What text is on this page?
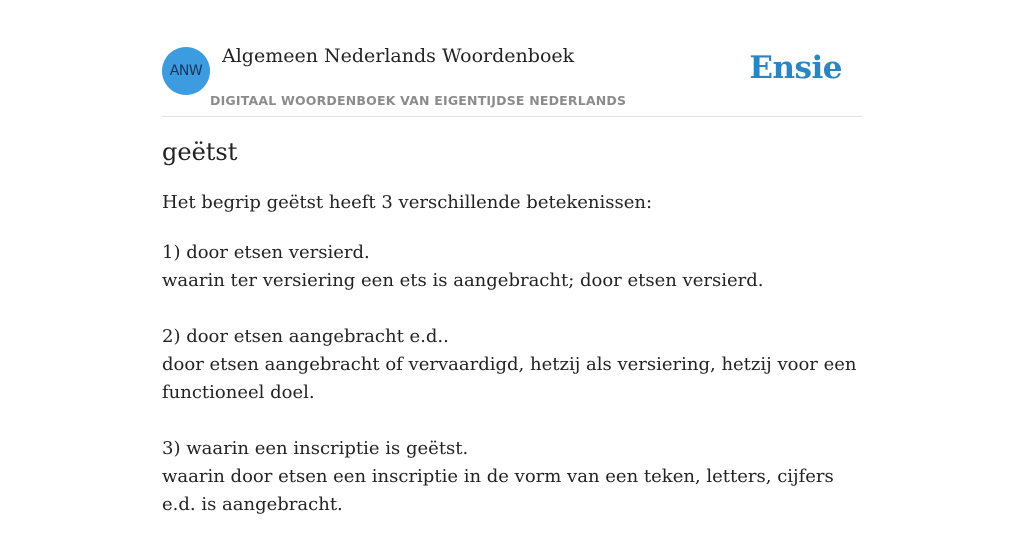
ANW
Algemeen Nederlands Woordenboek
DIGITAAL WOORDENBOEK VAN EIGENTIJDSE NEDERLANDS
Ensie
geëtst

Het begrip geëtst heeft 3 verschillende betekenissen:

1) door etsen versierd.
waarin ter versiering een ets is aangebracht; door etsen versierd.
2) door etsen aangebracht e.d..
door etsen aangebracht of vervaardigd, hetzij als versiering, hetzij voor een functioneel doel.
3) waarin een inscriptie is geëtst.
waarin door etsen een inscriptie in de vorm van een teken, letters, cijfers e.d. is aangebracht.
